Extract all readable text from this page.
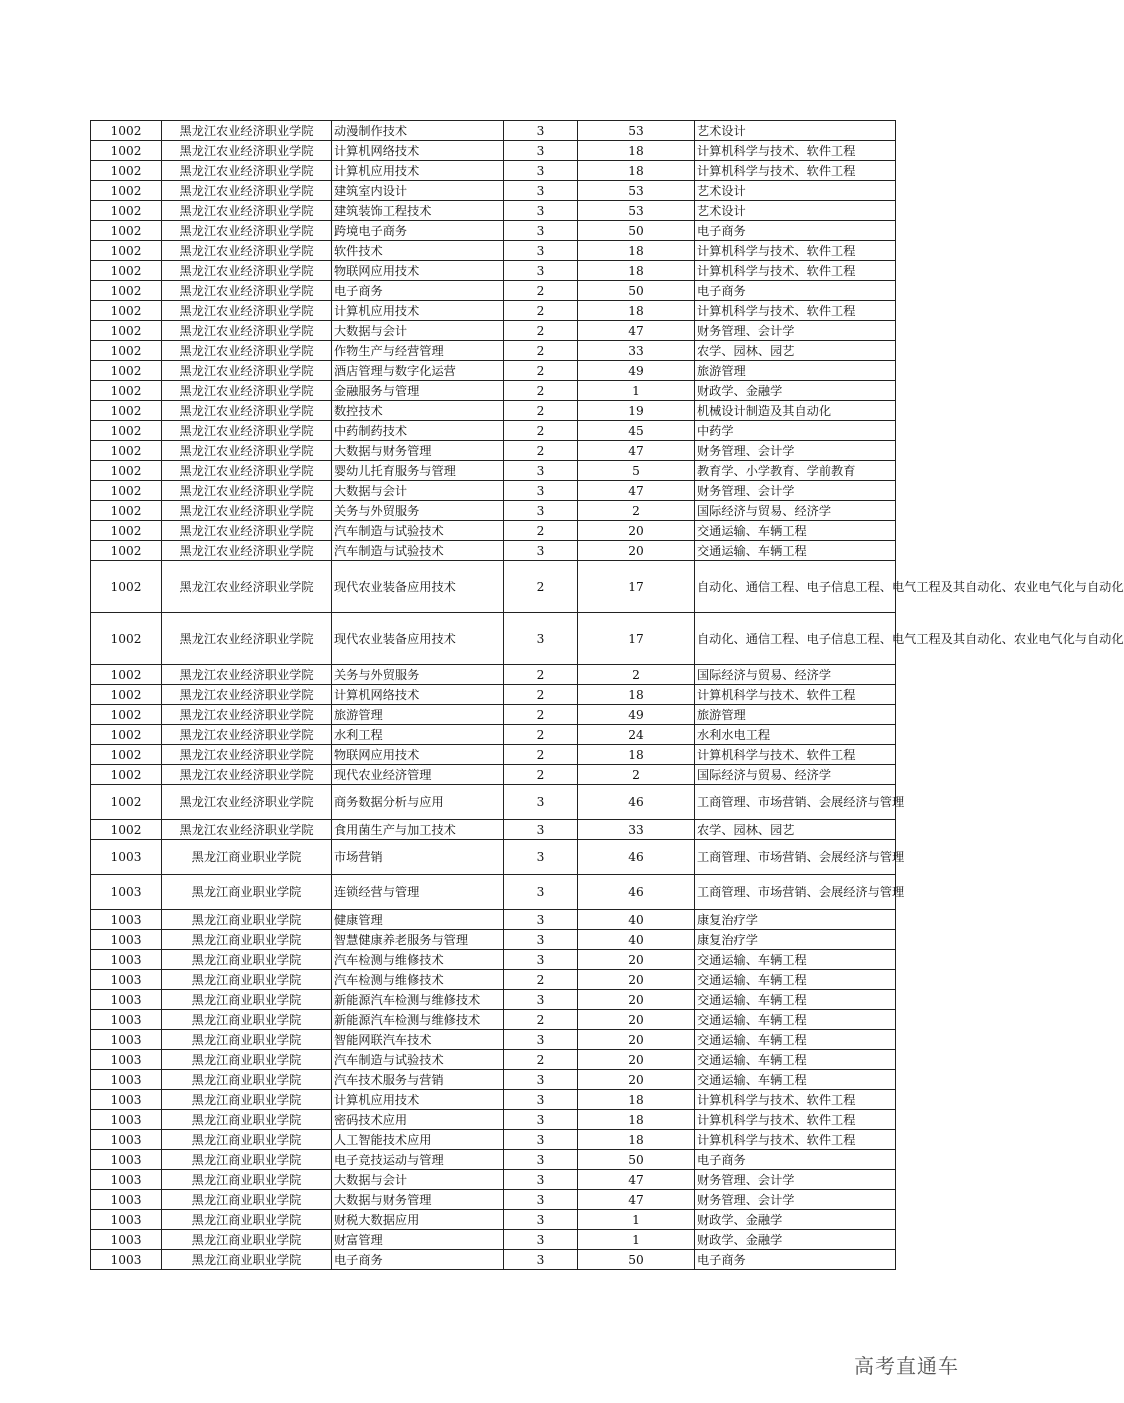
1002	黑龙江农业经济职业学院	动漫制作技术	3	53	艺术设计
1002	黑龙江农业经济职业学院	计算机网络技术	3	18	计算机科学与技术、软件工程
1002	黑龙江农业经济职业学院	计算机应用技术	3	18	计算机科学与技术、软件工程
1002	黑龙江农业经济职业学院	建筑室内设计	3	53	艺术设计
1002	黑龙江农业经济职业学院	建筑装饰工程技术	3	53	艺术设计
1002	黑龙江农业经济职业学院	跨境电子商务	3	50	电子商务
1002	黑龙江农业经济职业学院	软件技术	3	18	计算机科学与技术、软件工程
1002	黑龙江农业经济职业学院	物联网应用技术	3	18	计算机科学与技术、软件工程
1002	黑龙江农业经济职业学院	电子商务	2	50	电子商务
1002	黑龙江农业经济职业学院	计算机应用技术	2	18	计算机科学与技术、软件工程
1002	黑龙江农业经济职业学院	大数据与会计	2	47	财务管理、会计学
1002	黑龙江农业经济职业学院	作物生产与经营管理	2	33	农学、园林、园艺
1002	黑龙江农业经济职业学院	酒店管理与数字化运营	2	49	旅游管理
1002	黑龙江农业经济职业学院	金融服务与管理	2	1	财政学、金融学
1002	黑龙江农业经济职业学院	数控技术	2	19	机械设计制造及其自动化
1002	黑龙江农业经济职业学院	中药制药技术	2	45	中药学
1002	黑龙江农业经济职业学院	大数据与财务管理	2	47	财务管理、会计学
1002	黑龙江农业经济职业学院	婴幼儿托育服务与管理	3	5	教育学、小学教育、学前教育
1002	黑龙江农业经济职业学院	大数据与会计	3	47	财务管理、会计学
1002	黑龙江农业经济职业学院	关务与外贸服务	3	2	国际经济与贸易、经济学
1002	黑龙江农业经济职业学院	汽车制造与试验技术	2	20	交通运输、车辆工程
1002	黑龙江农业经济职业学院	汽车制造与试验技术	3	20	交通运输、车辆工程
1002	黑龙江农业经济职业学院	现代农业装备应用技术	2	17	自动化、通信工程、电子信息工程、电气工程及其自动化、农业电气化与自动化
1002	黑龙江农业经济职业学院	现代农业装备应用技术	3	17	自动化、通信工程、电子信息工程、电气工程及其自动化、农业电气化与自动化
1002	黑龙江农业经济职业学院	关务与外贸服务	2	2	国际经济与贸易、经济学
1002	黑龙江农业经济职业学院	计算机网络技术	2	18	计算机科学与技术、软件工程
1002	黑龙江农业经济职业学院	旅游管理	2	49	旅游管理
1002	黑龙江农业经济职业学院	水利工程	2	24	水利水电工程
1002	黑龙江农业经济职业学院	物联网应用技术	2	18	计算机科学与技术、软件工程
1002	黑龙江农业经济职业学院	现代农业经济管理	2	2	国际经济与贸易、经济学
1002	黑龙江农业经济职业学院	商务数据分析与应用	3	46	工商管理、市场营销、会展经济与管理
1002	黑龙江农业经济职业学院	食用菌生产与加工技术	3	33	农学、园林、园艺
1003	黑龙江商业职业学院	市场营销	3	46	工商管理、市场营销、会展经济与管理
1003	黑龙江商业职业学院	连锁经营与管理	3	46	工商管理、市场营销、会展经济与管理
1003	黑龙江商业职业学院	健康管理	3	40	康复治疗学
1003	黑龙江商业职业学院	智慧健康养老服务与管理	3	40	康复治疗学
1003	黑龙江商业职业学院	汽车检测与维修技术	3	20	交通运输、车辆工程
1003	黑龙江商业职业学院	汽车检测与维修技术	2	20	交通运输、车辆工程
1003	黑龙江商业职业学院	新能源汽车检测与维修技术	3	20	交通运输、车辆工程
1003	黑龙江商业职业学院	新能源汽车检测与维修技术	2	20	交通运输、车辆工程
1003	黑龙江商业职业学院	智能网联汽车技术	3	20	交通运输、车辆工程
1003	黑龙江商业职业学院	汽车制造与试验技术	2	20	交通运输、车辆工程
1003	黑龙江商业职业学院	汽车技术服务与营销	3	20	交通运输、车辆工程
1003	黑龙江商业职业学院	计算机应用技术	3	18	计算机科学与技术、软件工程
1003	黑龙江商业职业学院	密码技术应用	3	18	计算机科学与技术、软件工程
1003	黑龙江商业职业学院	人工智能技术应用	3	18	计算机科学与技术、软件工程
1003	黑龙江商业职业学院	电子竞技运动与管理	3	50	电子商务
1003	黑龙江商业职业学院	大数据与会计	3	47	财务管理、会计学
1003	黑龙江商业职业学院	大数据与财务管理	3	47	财务管理、会计学
1003	黑龙江商业职业学院	财税大数据应用	3	1	财政学、金融学
1003	黑龙江商业职业学院	财富管理	3	1	财政学、金融学
1003	黑龙江商业职业学院	电子商务	3	50	电子商务
高考直通车
